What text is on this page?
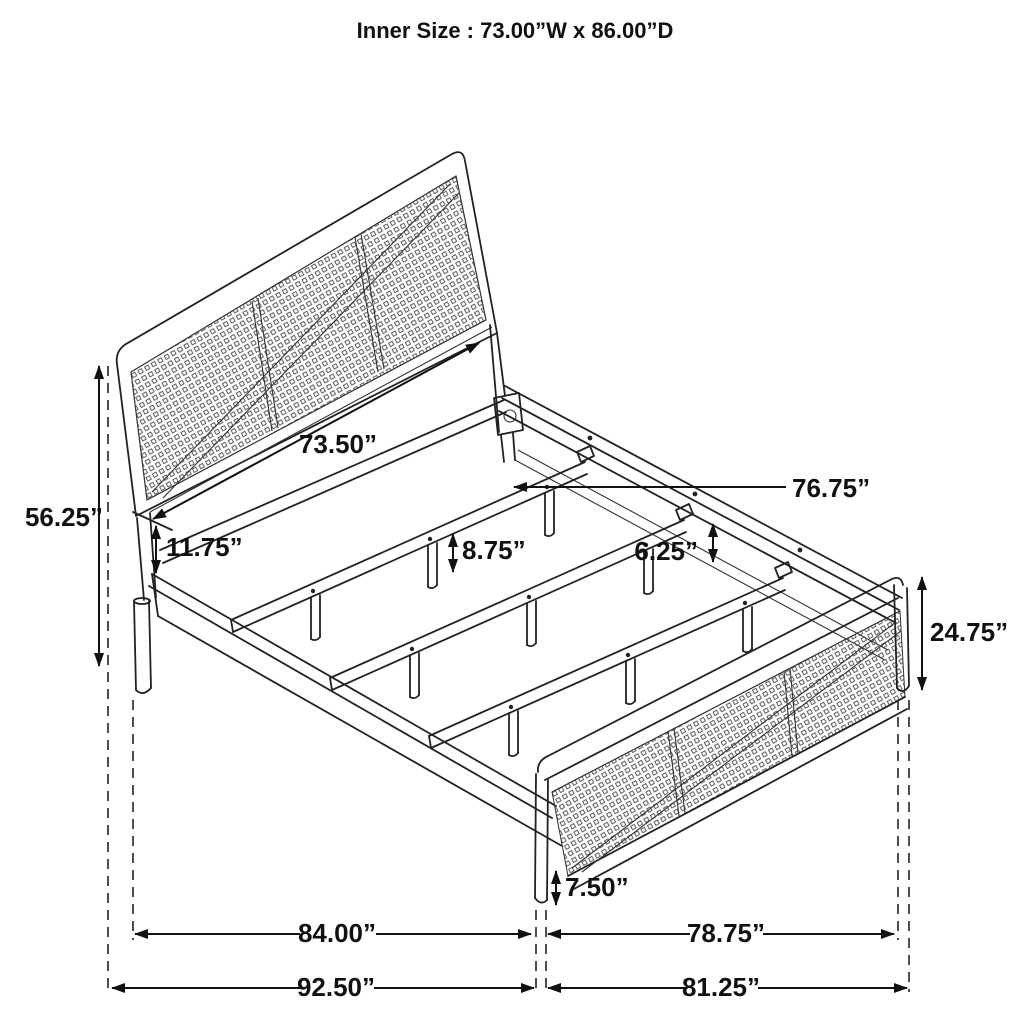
Inner Size : 73.00”W x 86.00”D
56.25”
73.50”
11.75”
76.75”
8.75”	6.25”
24.75”
7.50”
84.00”	78.75”
92.50”	81.25”
